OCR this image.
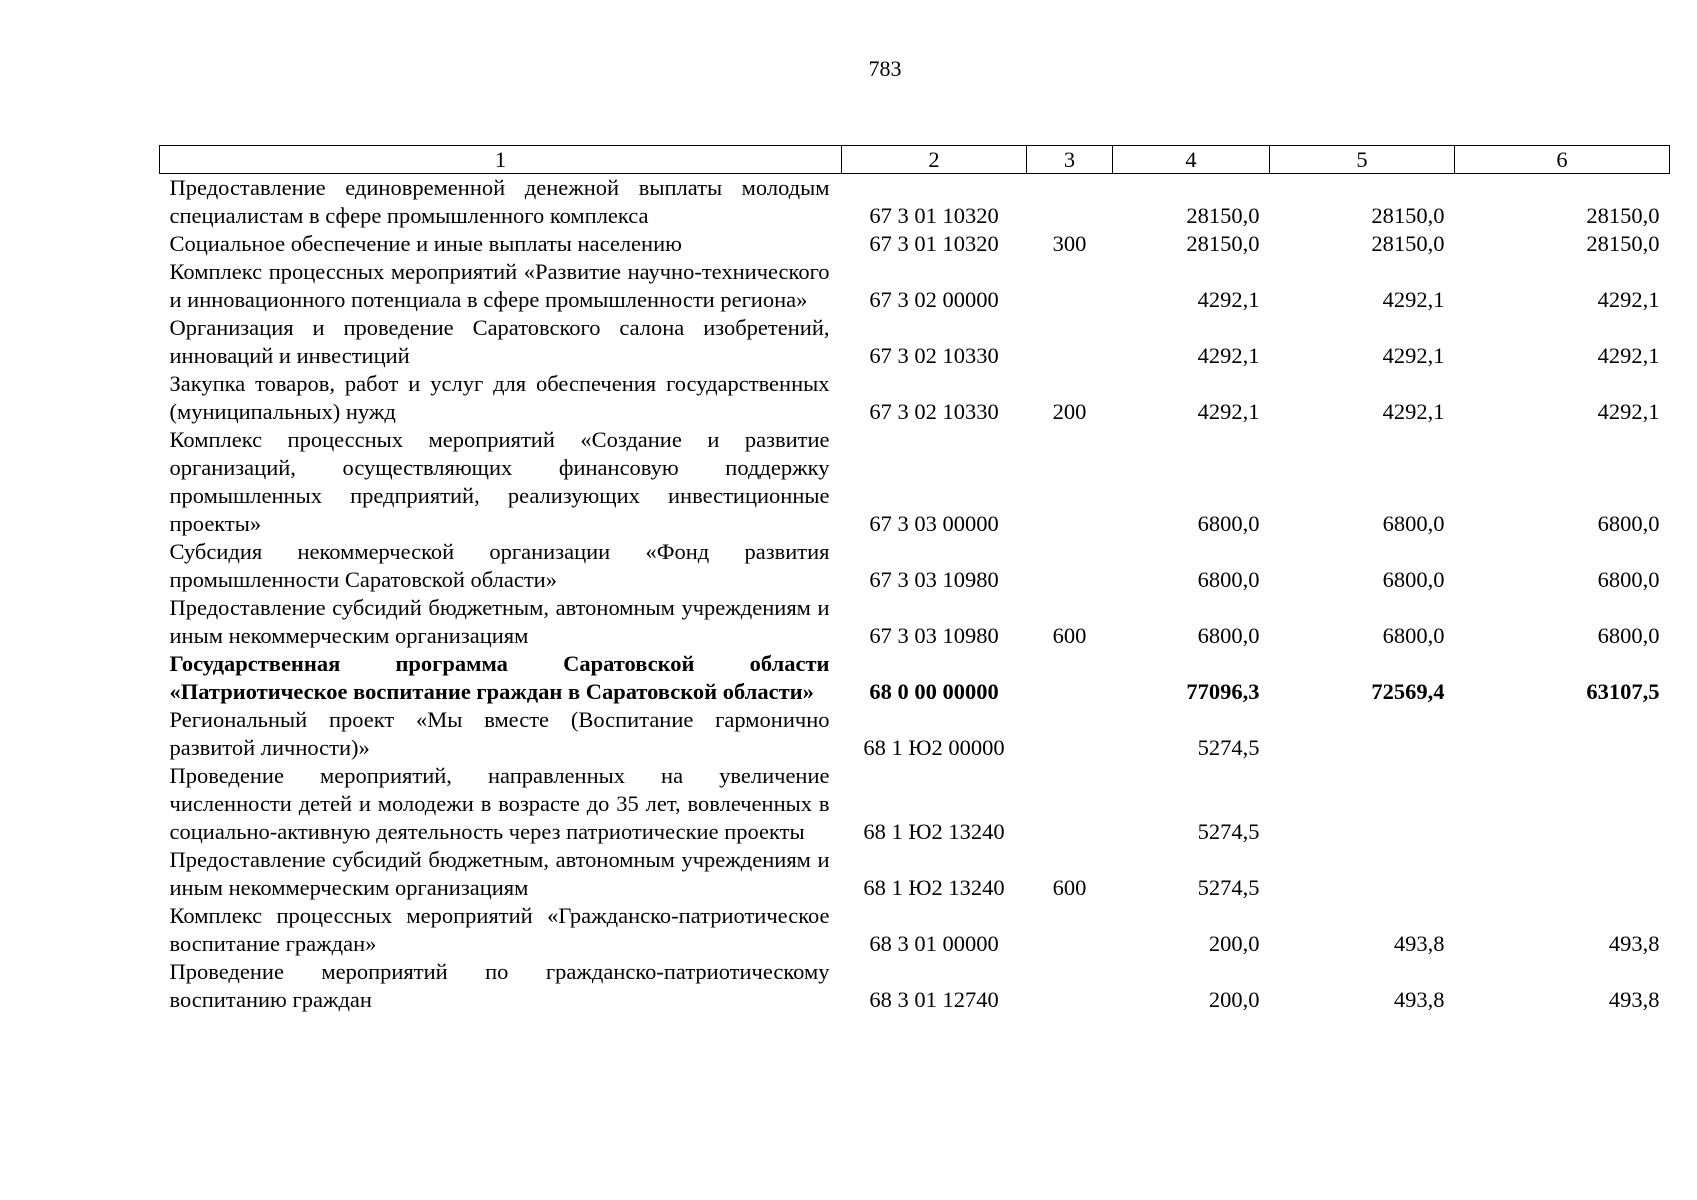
783
1	2	3	4	5	6
Предоставление единовременной денежной выплаты молодым специалистам в сфере промышленного комплекса	67 3 01 10320		28150,0	28150,0	28150,0
Социальное обеспечение и иные выплаты населению	67 3 01 10320	300	28150,0	28150,0	28150,0
Комплекс процессных мероприятий «Развитие научно-технического и инновационного потенциала в сфере промышленности региона»	67 3 02 00000		4292,1	4292,1	4292,1
Организация и проведение Саратовского салона изобретений, инноваций и инвестиций	67 3 02 10330		4292,1	4292,1	4292,1
Закупка товаров, работ и услуг для обеспечения государственных (муниципальных) нужд	67 3 02 10330	200	4292,1	4292,1	4292,1
Комплекс процессных мероприятий «Создание и развитие организаций, осуществляющих финансовую поддержку промышленных предприятий, реализующих инвестиционные проекты»	67 3 03 00000		6800,0	6800,0	6800,0
Субсидия некоммерческой организации «Фонд развития промышленности Саратовской области»	67 3 03 10980		6800,0	6800,0	6800,0
Предоставление субсидий бюджетным, автономным учреждениям и иным некоммерческим организациям	67 3 03 10980	600	6800,0	6800,0	6800,0
Государственная программа Саратовской области «Патриотическое воспитание граждан в Саратовской области»	68 0 00 00000		77096,3	72569,4	63107,5
Региональный проект «Мы вместе (Воспитание гармонично развитой личности)»	68 1 Ю2 00000		5274,5		
Проведение мероприятий, направленных на увеличение численности детей и молодежи в возрасте до 35 лет, вовлеченных в социально-активную деятельность через патриотические проекты	68 1 Ю2 13240		5274,5		
Предоставление субсидий бюджетным, автономным учреждениям и иным некоммерческим организациям	68 1 Ю2 13240	600	5274,5		
Комплекс процессных мероприятий «Гражданско-патриотическое воспитание граждан»	68 3 01 00000		200,0	493,8	493,8
Проведение мероприятий по гражданско-патриотическому воспитанию граждан	68 3 01 12740		200,0	493,8	493,8
